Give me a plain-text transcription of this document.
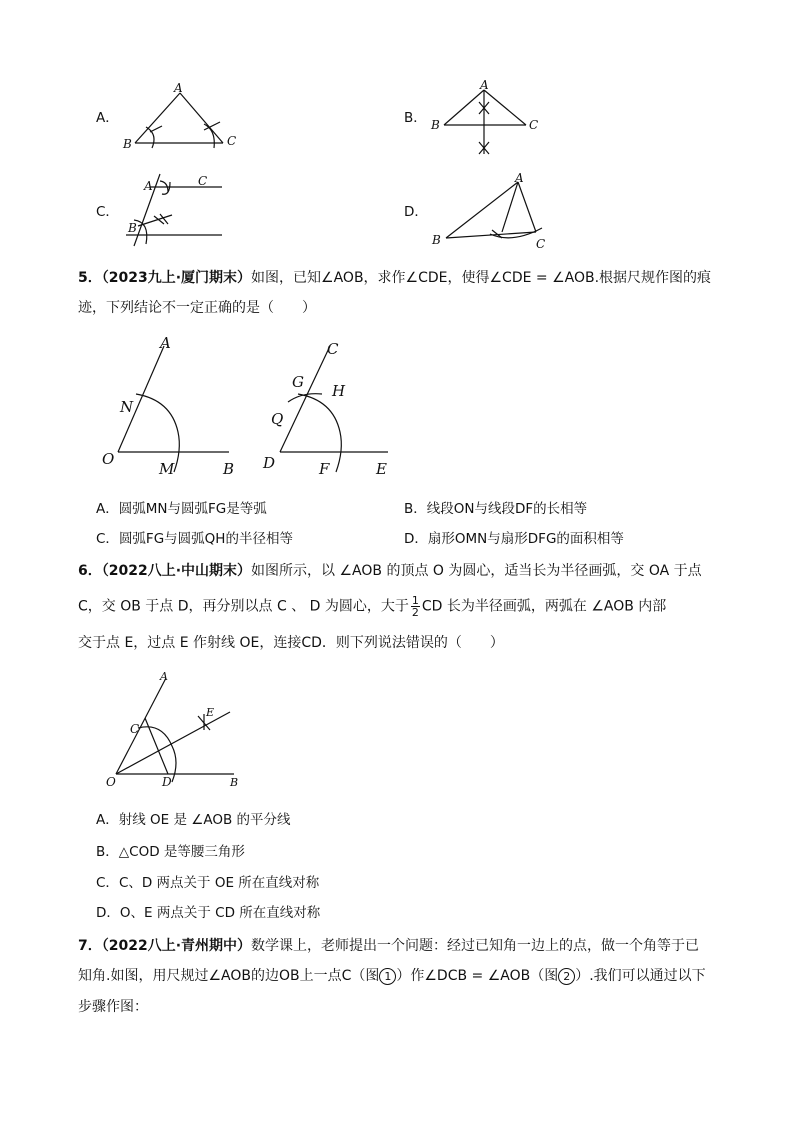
A．
A
B	C
B．
A
B	C
C．
A	C
B
D．
A
B	C
5．（2023九上·厦门期末）如图，已知∠AOB，求作∠CDE，使得∠CDE = ∠AOB.根据尺规作图的痕
迹，下列结论不一定正确的是（　　）
A
N
O
M	B
C
G H
Q
D	F	E
A．圆弧MN与圆弧FG是等弧	B．线段ON与线段DF的长相等
C．圆弧FG与圆弧QH的半径相等	D．扇形OMN与扇形DFG的面积相等
6．（2022八上·中山期末）如图所示，以 ∠AOB 的顶点 O 为圆心，适当长为半径画弧，交 OA 于点
C，交 OB 于点 D，再分别以点 C 、 D 为圆心，大于 $\frac{1}{2}$ CD 长为半径画弧，两弧在 ∠AOB 内部
交于点 E，过点 E 作射线 OE，连接CD．则下列说法错误的（　　）
A
C
E
O	D	B
A．射线 OE 是 ∠AOB 的平分线
B．△COD 是等腰三角形
C．C、D 两点关于 OE 所在直线对称
D．O、E 两点关于 CD 所在直线对称
7．（2022八上·青州期中）数学课上，老师提出一个问题：经过已知角一边上的点，做一个角等于已
知角.如图，用尺规过∠AOB的边OB上一点C（图 1 ）作∠DCB = ∠AOB（图 2 ）.我们可以通过以下
步骤作图：
